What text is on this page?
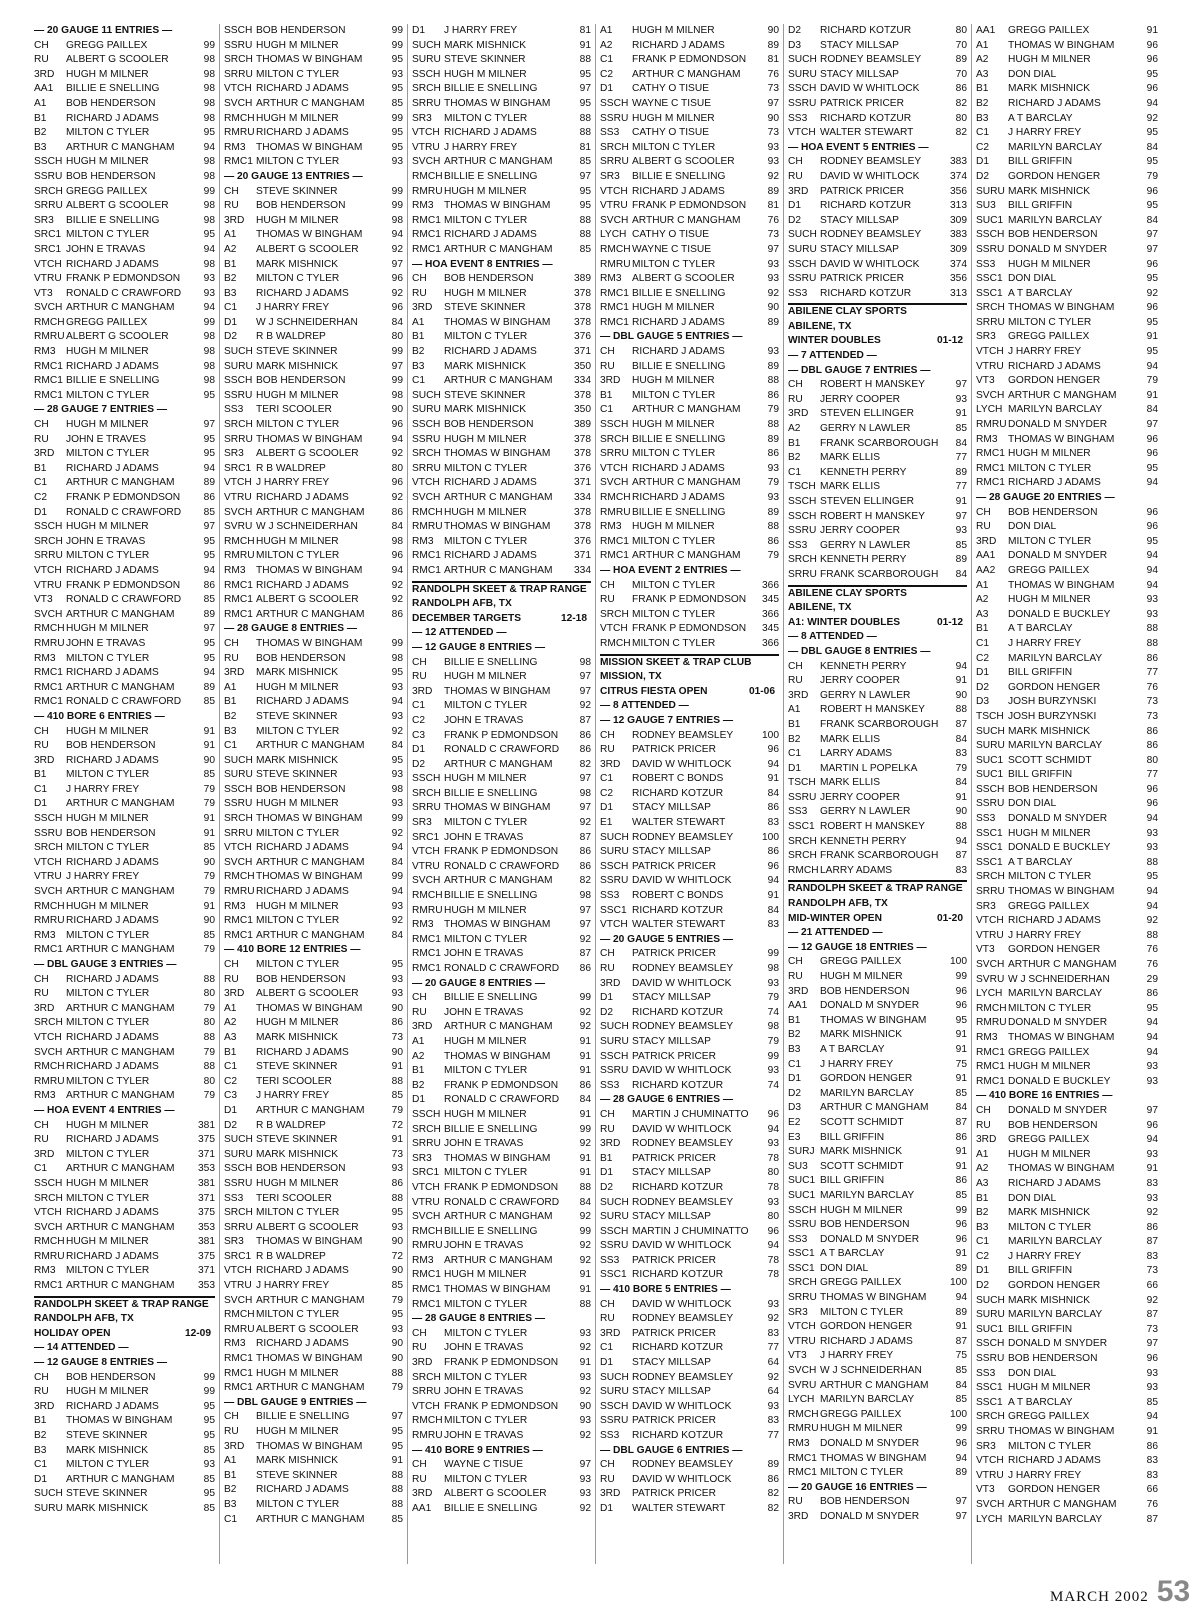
— 20 GAUGE 11 ENTRIES —
CH	GREGG PAILLEX	99
RU	ALBERT G SCOOLER	98
3RD	HUGH M MILNER	98
AA1	BILLIE E SNELLING	98
A1	BOB HENDERSON	98
B1	RICHARD J ADAMS	98
B2	MILTON C TYLER	95
B3	ARTHUR C MANGHAM	94
SSCH HUGH M MILNER	98
SSRU BOB HENDERSON	98
SRCH GREGG PAILLEX	99
SRRU ALBERT G SCOOLER	98
SR3	BILLIE E SNELLING	98
SRC1 MILTON C TYLER	95
SRC1 JOHN E TRAVAS	94
VTCH RICHARD J ADAMS	98
VTRU FRANK P EDMONDSON	93
VT3	RONALD C CRAWFORD	93
SVCH ARTHUR C MANGHAM	94
RMCH GREGG PAILLEX	99
RMRU ALBERT G SCOOLER	98
RM3	HUGH M MILNER	98
RMC1 RICHARD J ADAMS	98
RMC1 BILLIE E SNELLING	98
RMC1 MILTON C TYLER	95
— 28 GAUGE 7 ENTRIES —
CH	HUGH M MILNER	97
RU	JOHN E TRAVES	95
3RD	MILTON C TYLER	95
B1	RICHARD J ADAMS	94
C1	ARTHUR C MANGHAM	89
C2	FRANK P EDMONDSON	86
D1	RONALD C CRAWFORD	85
SSCH HUGH M MILNER	97
SRCH JOHN E TRAVAS	95
SRRU MILTON C TYLER	95
VTCH RICHARD J ADAMS	94
VTRU FRANK P EDMONDSON	86
VT3	RONALD C CRAWFORD	85
SVCH ARTHUR C MANGHAM	89
RMCH HUGH M MILNER	97
RMRU JOHN E TRAVAS	95
RM3	MILTON C TYLER	95
RMC1 RICHARD J ADAMS	94
RMC1 ARTHUR C MANGHAM	89
RMC1 RONALD C CRAWFORD	85
— 410 BORE 6 ENTRIES —
CH	HUGH M MILNER	91
RU	BOB HENDERSON	91
3RD	RICHARD J ADAMS	90
B1	MILTON C TYLER	85
C1	J HARRY FREY	79
D1	ARTHUR C MANGHAM	79
SSCH HUGH M MILNER	91
SSRU BOB HENDERSON	91
SRCH MILTON C TYLER	85
VTCH RICHARD J ADAMS	90
VTRU J HARRY FREY	79
SVCH ARTHUR C MANGHAM	79
RMCH HUGH M MILNER	91
RMRU RICHARD J ADAMS	90
RM3	MILTON C TYLER	85
RMC1 ARTHUR C MANGHAM	79
— DBL GAUGE 3 ENTRIES —
CH	RICHARD J ADAMS	88
RU	MILTON C TYLER	80
3RD	ARTHUR C MANGHAM	79
SRCH MILTON C TYLER	80
VTCH RICHARD J ADAMS	88
SVCH ARTHUR C MANGHAM	79
RMCH RICHARD J ADAMS	88
RMRU MILTON C TYLER	80
RM3	ARTHUR C MANGHAM	79
— HOA EVENT 4 ENTRIES —
CH	HUGH M MILNER	381
RU	RICHARD J ADAMS	375
3RD	MILTON C TYLER	371
C1	ARTHUR C MANGHAM	353
SSCH HUGH M MILNER	381
SRCH MILTON C TYLER	371
VTCH RICHARD J ADAMS	375
SVCH ARTHUR C MANGHAM	353
RMCH HUGH M MILNER	381
RMRU RICHARD J ADAMS	375
RM3	MILTON C TYLER	371
RMC1 ARTHUR C MANGHAM	353
RANDOLPH SKEET & TRAP RANGE
RANDOLPH AFB, TX
HOLIDAY OPEN	12-09
— 14 ATTENDED —
— 12 GAUGE 8 ENTRIES —
CH	BOB HENDERSON	99
RU	HUGH M MILNER	99
3RD	RICHARD J ADAMS	95
B1	THOMAS W BINGHAM	95
B2	STEVE SKINNER	95
B3	MARK MISHNICK	85
C1	MILTON C TYLER	93
D1	ARTHUR C MANGHAM	85
SUCH STEVE SKINNER	95
SURU MARK MISHNICK	85
SSCH BOB HENDERSON	99
SSRU HUGH M MILNER	99
SRCH THOMAS W BINGHAM	95
SRRU MILTON C TYLER	93
VTCH RICHARD J ADAMS	95
SVCH ARTHUR C MANGHAM	85
RMCH HUGH M MILNER	99
RMRU RICHARD J ADAMS	95
RM3	THOMAS W BINGHAM	95
RMC1 MILTON C TYLER	93
— 20 GAUGE 13 ENTRIES —
CH	STEVE SKINNER	99
RU	BOB HENDERSON	99
3RD	HUGH M MILNER	98
A1	THOMAS W BINGHAM	94
A2	ALBERT G SCOOLER	92
B1	MARK MISHNICK	97
B2	MILTON C TYLER	96
B3	RICHARD J ADAMS	92
C1	J HARRY FREY	96
D1	W J SCHNEIDERHAN	84
D2	R B WALDREP	80
SUCH STEVE SKINNER	99
SURU MARK MISHNICK	97
SSCH BOB HENDERSON	99
SSRU HUGH M MILNER	98
SS3	TERI SCOOLER	90
SRCH MILTON C TYLER	96
SRRU THOMAS W BINGHAM	94
SR3	ALBERT G SCOOLER	92
SRC1 R B WALDREP	80
VTCH J HARRY FREY	96
VTRU RICHARD J ADAMS	92
SVCH ARTHUR C MANGHAM	86
SVRU W J SCHNEIDERHAN	84
RMCH HUGH M MILNER	98
RMRU MILTON C TYLER	96
RM3	THOMAS W BINGHAM	94
RMC1 RICHARD J ADAMS	92
RMC1 ALBERT G SCOOLER	92
RMC1 ARTHUR C MANGHAM	86
— 28 GAUGE 8 ENTRIES —
CH	THOMAS W BINGHAM	99
RU	BOB HENDERSON	98
3RD	MARK MISHNICK	95
A1	HUGH M MILNER	93
B1	RICHARD J ADAMS	94
B2	STEVE SKINNER	93
B3	MILTON C TYLER	92
C1	ARTHUR C MANGHAM	84
SUCH MARK MISHNICK	95
SURU STEVE SKINNER	93
SSCH BOB HENDERSON	98
SSRU HUGH M MILNER	93
SRCH THOMAS W BINGHAM	99
SRRU MILTON C TYLER	92
VTCH RICHARD J ADAMS	94
SVCH ARTHUR C MANGHAM	84
RMCH THOMAS W BINGHAM	99
RMRU RICHARD J ADAMS	94
RM3	HUGH M MILNER	93
RMC1 MILTON C TYLER	92
RMC1 ARTHUR C MANGHAM	84
— 410 BORE 12 ENTRIES —
CH	MILTON C TYLER	95
RU	BOB HENDERSON	93
3RD	ALBERT G SCOOLER	93
A1	THOMAS W BINGHAM	90
A2	HUGH M MILNER	86
A3	MARK MISHNICK	73
B1	RICHARD J ADAMS	90
C1	STEVE SKINNER	91
C2	TERI SCOOLER	88
C3	J HARRY FREY	85
D1	ARTHUR C MANGHAM	79
D2	R B WALDREP	72
SUCH STEVE SKINNER	91
SURU MARK MISHNICK	73
SSCH BOB HENDERSON	93
SSRU HUGH M MILNER	86
SS3	TERI SCOOLER	88
SRCH MILTON C TYLER	95
SRRU ALBERT G SCOOLER	93
SR3	THOMAS W BINGHAM	90
SRC1 R B WALDREP	72
VTCH RICHARD J ADAMS	90
VTRU J HARRY FREY	85
SVCH ARTHUR C MANGHAM	79
RMCH MILTON C TYLER	95
RMRU ALBERT G SCOOLER	93
RM3	RICHARD J ADAMS	90
RMC1 THOMAS W BINGHAM	90
RMC1 HUGH M MILNER	88
RMC1 ARTHUR C MANGHAM	79
— DBL GAUGE 9 ENTRIES —
CH	BILLIE E SNELLING	97
RU	HUGH M MILNER	95
3RD	THOMAS W BINGHAM	95
A1	MARK MISHNICK	91
B1	STEVE SKINNER	88
B2	RICHARD J ADAMS	88
B3	MILTON C TYLER	88
C1	ARTHUR C MANGHAM	85
D1	J HARRY FREY	81
SUCH MARK MISHNICK	91
SURU STEVE SKINNER	88
SSCH HUGH M MILNER	95
SRCH BILLIE E SNELLING	97
SRRU THOMAS W BINGHAM	95
SR3	MILTON C TYLER	88
VTCH RICHARD J ADAMS	88
VTRU J HARRY FREY	81
SVCH ARTHUR C MANGHAM	85
RMCH BILLIE E SNELLING	97
RMRU HUGH M MILNER	95
RM3	THOMAS W BINGHAM	95
RMC1 MILTON C TYLER	88
RMC1 RICHARD J ADAMS	88
RMC1 ARTHUR C MANGHAM	85
— HOA EVENT 8 ENTRIES —
CH	BOB HENDERSON	389
RU	HUGH M MILNER	378
3RD	STEVE SKINNER	378
A1	THOMAS W BINGHAM	378
B1	MILTON C TYLER	376
B2	RICHARD J ADAMS	371
B3	MARK MISHNICK	350
C1	ARTHUR C MANGHAM	334
SUCH STEVE SKINNER	378
SURU MARK MISHNICK	350
SSCH BOB HENDERSON	389
SSRU HUGH M MILNER	378
SRCH THOMAS W BINGHAM	378
SRRU MILTON C TYLER	376
VTCH RICHARD J ADAMS	371
SVCH ARTHUR C MANGHAM	334
RMCH HUGH M MILNER	378
RMRU THOMAS W BINGHAM	378
RM3	MILTON C TYLER	376
RMC1 RICHARD J ADAMS	371
RMC1 ARTHUR C MANGHAM	334
RANDOLPH SKEET & TRAP RANGE
RANDOLPH AFB, TX
DECEMBER TARGETS	12-18
— 12 ATTENDED —
— 12 GAUGE 8 ENTRIES —
CH	BILLIE E SNELLING	98
RU	HUGH M MILNER	97
3RD	THOMAS W BINGHAM	97
C1	MILTON C TYLER	92
C2	JOHN E TRAVAS	87
C3	FRANK P EDMONDSON	86
D1	RONALD C CRAWFORD	86
D2	ARTHUR C MANGHAM	82
SSCH HUGH M MILNER	97
SRCH BILLIE E SNELLING	98
SRRU THOMAS W BINGHAM	97
SR3	MILTON C TYLER	92
SRC1 JOHN E TRAVAS	87
VTCH FRANK P EDMONDSON	86
VTRU RONALD C CRAWFORD	86
SVCH ARTHUR C MANGHAM	82
RMCH BILLIE E SNELLING	98
RMRU HUGH M MILNER	97
RM3	THOMAS W BINGHAM	97
RMC1 MILTON C TYLER	92
RMC1 JOHN E TRAVAS	87
RMC1 RONALD C CRAWFORD	86
— 20 GAUGE 8 ENTRIES —
CH	BILLIE E SNELLING	99
RU	JOHN E TRAVAS	92
3RD	ARTHUR C MANGHAM	92
A1	HUGH M MILNER	91
A2	THOMAS W BINGHAM	91
B1	MILTON C TYLER	91
B2	FRANK P EDMONDSON	86
D1	RONALD C CRAWFORD	84
SSCH HUGH M MILNER	91
SRCH BILLIE E SNELLING	99
SRRU JOHN E TRAVAS	92
SR3	THOMAS W BINGHAM	91
SRC1 MILTON C TYLER	91
VTCH FRANK P EDMONDSON	88
VTRU RONALD C CRAWFORD	84
SVCH ARTHUR C MANGHAM	92
RMCH BILLIE E SNELLING	99
RMRU JOHN E TRAVAS	92
RM3	ARTHUR C MANGHAM	92
RMC1 HUGH M MILNER	91
RMC1 THOMAS W BINGHAM	91
RMC1 MILTON C TYLER	88
— 28 GAUGE 8 ENTRIES —
CH	MILTON C TYLER	93
RU	JOHN E TRAVAS	92
3RD	FRANK P EDMONDSON	91
SRCH MILTON C TYLER	93
SRRU JOHN E TRAVAS	92
VTCH FRANK P EDMONDSON	90
RMCH MILTON C TYLER	93
RMRU JOHN E TRAVAS	92
— 410 BORE 9 ENTRIES —
CH	WAYNE C TISUE	97
RU	MILTON C TYLER	93
3RD	ALBERT G SCOOLER	93
AA1	BILLIE E SNELLING	92
A1	HUGH M MILNER	90
A2	RICHARD J ADAMS	89
C1	FRANK P EDMONDSON	81
C2	ARTHUR C MANGHAM	76
D1	CATHY O TISUE	73
SSCH WAYNE C TISUE	97
SSRU HUGH M MILNER	90
SS3	CATHY O TISUE	73
SRCH MILTON C TYLER	93
SRRU ALBERT G SCOOLER	93
SR3	BILLIE E SNELLING	92
VTCH RICHARD J ADAMS	89
VTRU FRANK P EDMONDSON	81
SVCH ARTHUR C MANGHAM	76
LYCH CATHY O TISUE	73
RMCH WAYNE C TISUE	97
RMRU MILTON C TYLER	93
RM3	ALBERT G SCOOLER	93
RMC1 BILLIE E SNELLING	92
RMC1 HUGH M MILNER	90
RMC1 RICHARD J ADAMS	89
— DBL GAUGE 5 ENTRIES —
CH	RICHARD J ADAMS	93
RU	BILLIE E SNELLING	89
3RD	HUGH M MILNER	88
B1	MILTON C TYLER	86
C1	ARTHUR C MANGHAM	79
SSCH HUGH M MILNER	88
SRCH BILLIE E SNELLING	89
SRRU MILTON C TYLER	86
VTCH RICHARD J ADAMS	93
SVCH ARTHUR C MANGHAM	79
RMCH RICHARD J ADAMS	93
RMRU BILLIE E SNELLING	89
RM3	HUGH M MILNER	88
RMC1 MILTON C TYLER	86
RMC1 ARTHUR C MANGHAM	79
— HOA EVENT 2 ENTRIES —
CH	MILTON C TYLER	366
RU	FRANK P EDMONDSON	345
SRCH MILTON C TYLER	366
VTCH FRANK P EDMONDSON	345
RMCH MILTON C TYLER	366
MISSION SKEET & TRAP CLUB
MISSION, TX
CITRUS FIESTA OPEN	01-06
— 8 ATTENDED —
— 12 GAUGE 7 ENTRIES —
CH	RODNEY BEAMSLEY	100
RU	PATRICK PRICER	96
3RD	DAVID W WHITLOCK	94
C1	ROBERT C BONDS	91
C2	RICHARD KOTZUR	84
D1	STACY MILLSAP	86
E1	WALTER STEWART	83
SUCH RODNEY BEAMSLEY	100
SURU STACY MILLSAP	86
SSCH PATRICK PRICER	96
SSRU DAVID W WHITLOCK	94
SS3	ROBERT C BONDS	91
SSC1 RICHARD KOTZUR	84
VTCH WALTER STEWART	83
— 20 GAUGE 5 ENTRIES —
CH	PATRICK PRICER	99
RU	RODNEY BEAMSLEY	98
3RD	DAVID W WHITLOCK	93
D1	STACY MILLSAP	79
D2	RICHARD KOTZUR	74
SUCH RODNEY BEAMSLEY	98
SURU STACY MILLSAP	79
SSCH PATRICK PRICER	99
SSRU DAVID W WHITLOCK	93
SS3	RICHARD KOTZUR	74
— 28 GAUGE 6 ENTRIES —
CH	MARTIN J CHUMINATTO	96
RU	DAVID W WHITLOCK	94
3RD	RODNEY BEAMSLEY	93
B1	PATRICK PRICER	78
D1	STACY MILLSAP	80
D2	RICHARD KOTZUR	78
SUCH RODNEY BEAMSLEY	93
SURU STACY MILLSAP	80
SSCH MARTIN J CHUMINATTO	96
SSRU DAVID W WHITLOCK	94
SS3	PATRICK PRICER	78
SSC1 RICHARD KOTZUR	78
— 410 BORE 5 ENTRIES —
CH	DAVID W WHITLOCK	93
RU	RODNEY BEAMSLEY	92
3RD	PATRICK PRICER	83
C1	RICHARD KOTZUR	77
D1	STACY MILLSAP	64
SUCH RODNEY BEAMSLEY	92
SURU STACY MILLSAP	64
SSCH DAVID W WHITLOCK	93
SSRU PATRICK PRICER	83
SS3	RICHARD KOTZUR	77
— DBL GAUGE 6 ENTRIES —
CH	RODNEY BEAMSLEY	89
RU	DAVID W WHITLOCK	86
3RD	PATRICK PRICER	82
D1	WALTER STEWART	82
D2	RICHARD KOTZUR	80
D3	STACY MILLSAP	70
SUCH RODNEY BEAMSLEY	89
SURU STACY MILLSAP	70
SSCH DAVID W WHITLOCK	86
SSRU PATRICK PRICER	82
SS3	RICHARD KOTZUR	80
VTCH WALTER STEWART	82
— HOA EVENT 5 ENTRIES —
CH	RODNEY BEAMSLEY	383
RU	DAVID W WHITLOCK	374
3RD	PATRICK PRICER	356
D1	RICHARD KOTZUR	313
D2	STACY MILLSAP	309
SUCH RODNEY BEAMSLEY	383
SURU STACY MILLSAP	309
SSCH DAVID W WHITLOCK	374
SSRU PATRICK PRICER	356
SS3	RICHARD KOTZUR	313
ABILENE CLAY SPORTS
ABILENE, TX
WINTER DOUBLES	01-12
— 7 ATTENDED —
— DBL GAUGE 7 ENTRIES —
CH	ROBERT H MANSKEY	97
RU	JERRY COOPER	93
3RD	STEVEN ELLINGER	91
A2	GERRY N LAWLER	85
B1	FRANK SCARBOROUGH	84
B2	MARK ELLIS	77
C1	KENNETH PERRY	89
TSCH MARK ELLIS	77
SSCH STEVEN ELLINGER	91
SSCH ROBERT H MANSKEY	97
SSRU JERRY COOPER	93
SS3	GERRY N LAWLER	85
SRCH KENNETH PERRY	89
SRRU FRANK SCARBOROUGH	84
ABILENE CLAY SPORTS
ABILENE, TX
A1: WINTER DOUBLES	01-12
— 8 ATTENDED —
— DBL GAUGE 8 ENTRIES —
CH	KENNETH PERRY	94
RU	JERRY COOPER	91
3RD	GERRY N LAWLER	90
A1	ROBERT H MANSKEY	88
B1	FRANK SCARBOROUGH	87
B2	MARK ELLIS	84
C1	LARRY ADAMS	83
D1	MARTIN L POPELKA	79
TSCH MARK ELLIS	84
SSRU JERRY COOPER	91
SS3	GERRY N LAWLER	90
SSC1 ROBERT H MANSKEY	88
SRCH KENNETH PERRY	94
SRCH FRANK SCARBOROUGH	87
RMCH LARRY ADAMS	83
RANDOLPH SKEET & TRAP RANGE
RANDOLPH AFB, TX
MID-WINTER OPEN	01-20
— 21 ATTENDED —
— 12 GAUGE 18 ENTRIES —
CH	GREGG PAILLEX	100
RU	HUGH M MILNER	99
3RD	BOB HENDERSON	96
AA1	DONALD M SNYDER	96
B1	THOMAS W BINGHAM	95
B2	MARK MISHNICK	91
B3	A T BARCLAY	91
C1	J HARRY FREY	75
D1	GORDON HENGER	91
D2	MARILYN BARCLAY	85
D3	ARTHUR C MANGHAM	84
E2	SCOTT SCHMIDT	87
E3	BILL GRIFFIN	86
SURJ MARK MISHNICK	91
SU3	SCOTT SCHMIDT	91
SUC1 BILL GRIFFIN	86
SUC1 MARILYN BARCLAY	85
SSCH HUGH M MILNER	99
SSRU BOB HENDERSON	96
SS3	DONALD M SNYDER	96
SSC1 A T BARCLAY	91
SSC1 DON DIAL	89
SRCH GREGG PAILLEX	100
SRRU THOMAS W BINGHAM	94
SR3	MILTON C TYLER	89
VTCH GORDON HENGER	91
VTRU RICHARD J ADAMS	87
VT3	J HARRY FREY	75
SVCH W J SCHNEIDERHAN	85
SVRU ARTHUR C MANGHAM	84
LYCH MARILYN BARCLAY	85
RMCH GREGG PAILLEX	100
RMRU HUGH M MILNER	99
RM3	DONALD M SNYDER	96
RMC1 THOMAS W BINGHAM	94
RMC1 MILTON C TYLER	89
— 20 GAUGE 16 ENTRIES —
RU	BOB HENDERSON	97
3RD	DONALD M SNYDER	97
AA1	GREGG PAILLEX	91
A1	THOMAS W BINGHAM	96
A2	HUGH M MILNER	96
A3	DON DIAL	95
B1	MARK MISHNICK	96
B2	RICHARD J ADAMS	94
B3	A T BARCLAY	92
C1	J HARRY FREY	95
C2	MARILYN BARCLAY	84
D1	BILL GRIFFIN	95
D2	GORDON HENGER	79
SURU MARK MISHNICK	96
SU3	BILL GRIFFIN	95
SUC1 MARILYN BARCLAY	84
SSCH BOB HENDERSON	97
SSRU DONALD M SNYDER	97
SS3	HUGH M MILNER	96
SSC1 DON DIAL	95
SSC1 A T BARCLAY	92
SRCH THOMAS W BINGHAM	96
SRRU MILTON C TYLER	95
SR3	GREGG PAILLEX	91
VTCH J HARRY FREY	95
VTRU RICHARD J ADAMS	94
VT3	GORDON HENGER	79
SVCH ARTHUR C MANGHAM	91
LYCH MARILYN BARCLAY	84
RMRU DONALD M SNYDER	97
RM3	THOMAS W BINGHAM	96
RMC1 HUGH M MILNER	96
RMC1 MILTON C TYLER	95
RMC1 RICHARD J ADAMS	94
— 28 GAUGE 20 ENTRIES —
CH	BOB HENDERSON	96
RU	DON DIAL	96
3RD	MILTON C TYLER	95
AA1	DONALD M SNYDER	94
AA2	GREGG PAILLEX	94
A1	THOMAS W BINGHAM	94
A2	HUGH M MILNER	93
A3	DONALD E BUCKLEY	93
B1	A T BARCLAY	88
C1	J HARRY FREY	88
C2	MARILYN BARCLAY	86
D1	BILL GRIFFIN	77
D2	GORDON HENGER	76
D3	JOSH BURZYNSKI	73
TSCH JOSH BURZYNSKI	73
SUCH MARK MISHNICK	86
SURU MARILYN BARCLAY	86
SUC1 SCOTT SCHMIDT	80
SUC1 BILL GRIFFIN	77
SSCH BOB HENDERSON	96
SSRU DON DIAL	96
SS3	DONALD M SNYDER	94
SSC1 HUGH M MILNER	93
SSC1 DONALD E BUCKLEY	93
SSC1 A T BARCLAY	88
SRCH MILTON C TYLER	95
SRRU THOMAS W BINGHAM	94
SR3	GREGG PAILLEX	94
VTCH RICHARD J ADAMS	92
VTRU J HARRY FREY	88
VT3	GORDON HENGER	76
SVCH ARTHUR C MANGHAM	76
SVRU W J SCHNEIDERHAN	29
LYCH MARILYN BARCLAY	86
RMCH MILTON C TYLER	95
RMRU DONALD M SNYDER	94
RM3	THOMAS W BINGHAM	94
RMC1 GREGG PAILLEX	94
RMC1 HUGH M MILNER	93
RMC1 DONALD E BUCKLEY	93
— 410 BORE 16 ENTRIES —
CH	DONALD M SNYDER	97
RU	BOB HENDERSON	96
3RD	GREGG PAILLEX	94
A1	HUGH M MILNER	93
A2	THOMAS W BINGHAM	91
A3	RICHARD J ADAMS	83
B1	DON DIAL	93
B2	MARK MISHNICK	92
B3	MILTON C TYLER	86
C1	MARILYN BARCLAY	87
C2	J HARRY FREY	83
D1	BILL GRIFFIN	73
D2	GORDON HENGER	66
SUCH MARK MISHNICK	92
SURU MARILYN BARCLAY	87
SUC1 BILL GRIFFIN	73
SSCH DONALD M SNYDER	97
SSRU BOB HENDERSON	96
SS3	DON DIAL	93
SSC1 HUGH M MILNER	93
SSC1 A T BARCLAY	85
SRCH GREGG PAILLEX	94
SRRU THOMAS W BINGHAM	91
SR3	MILTON C TYLER	86
VTCH RICHARD J ADAMS	83
VTRU J HARRY FREY	83
VT3	GORDON HENGER	66
SVCH ARTHUR C MANGHAM	76
LYCH MARILYN BARCLAY	87
MARCH 2002 53
